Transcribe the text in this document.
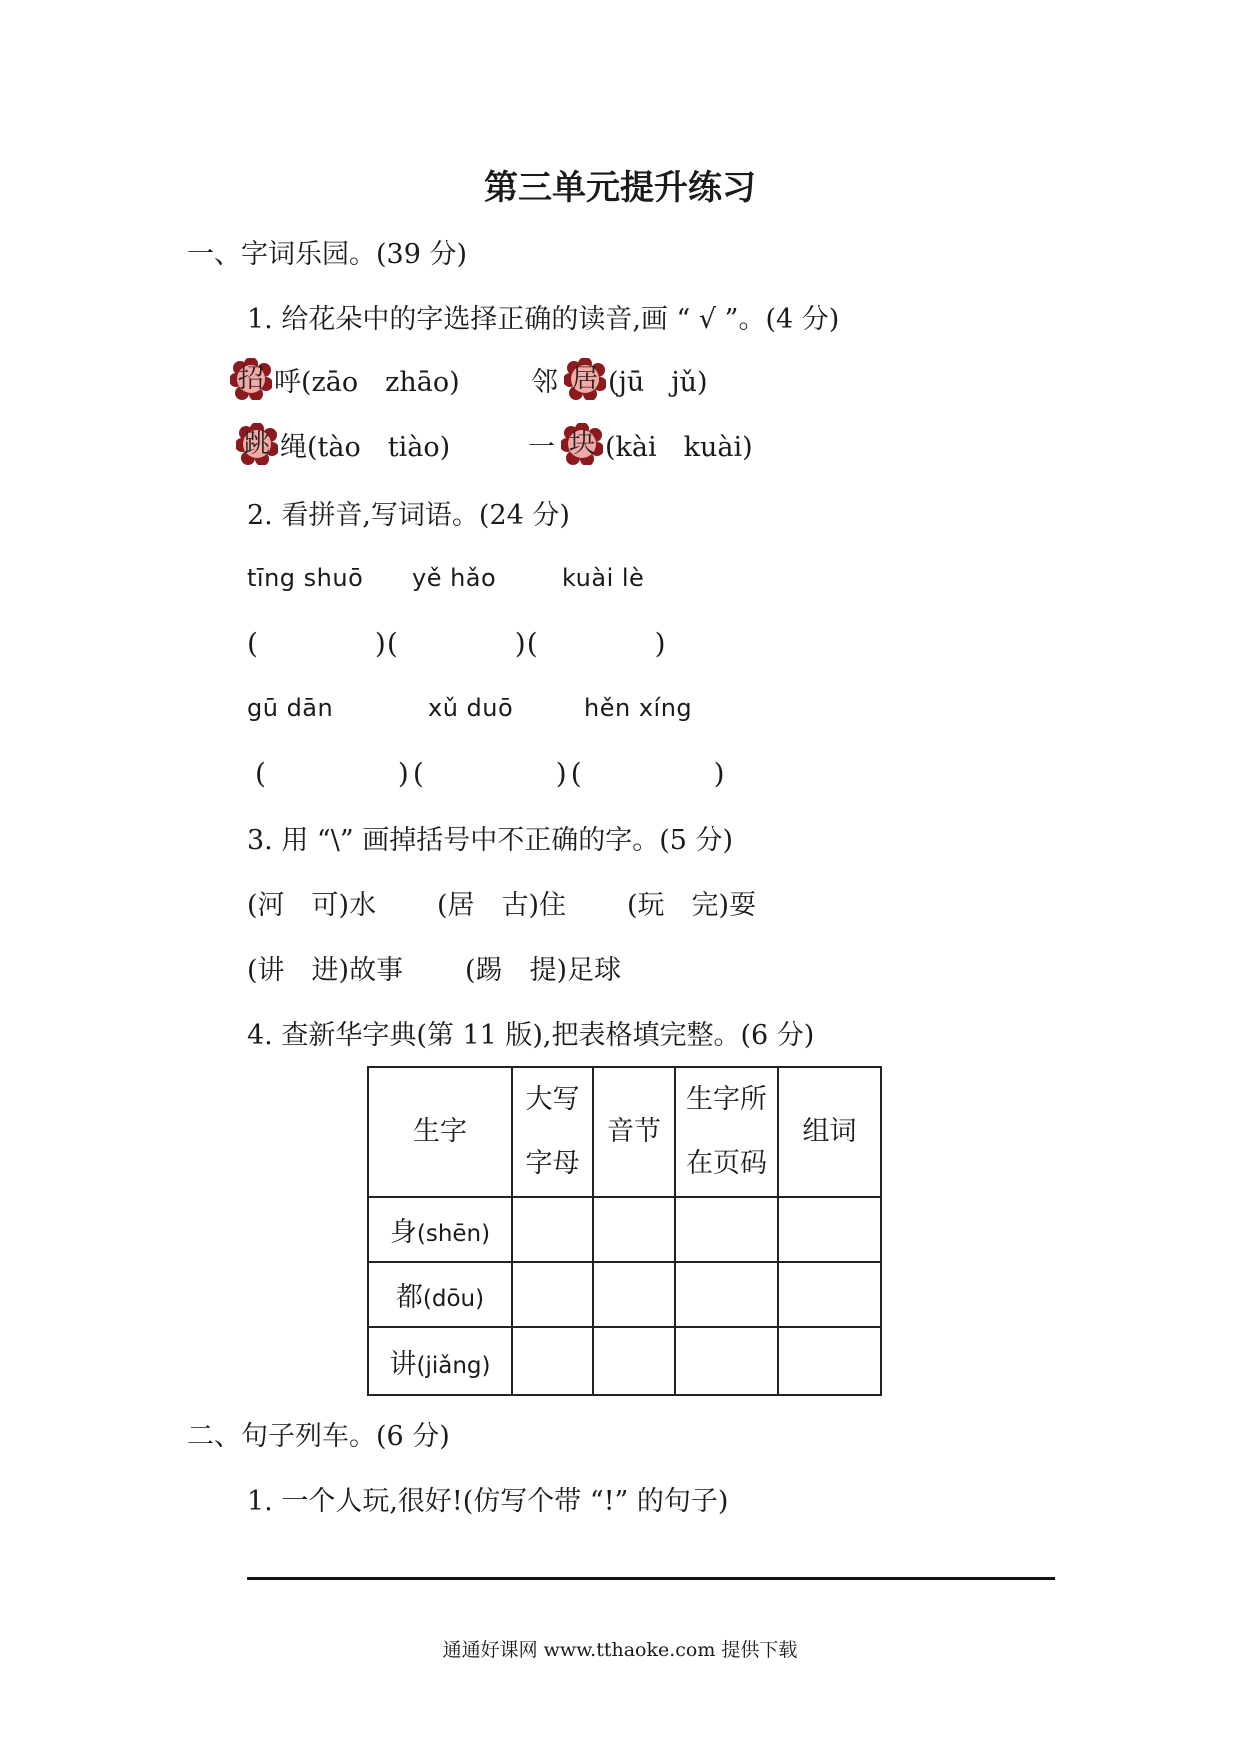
第三单元提升练习
一、字词乐园。(39 分)
1. 给花朵中的字选择正确的读音,画 “ √ ”。(4 分)
招 呼(zāo　zhāo)	邻 居 (jū　jǔ)
跳 绳(tào　tiào)	一 块 (kài　kuài)
2. 看拼音,写词语。(24 分)
tīng shuō yě hǎo	kuài lè
(　　　　)(　　　　)(　　　　)
gū dān	xǔ duō	hěn xíng
(　　　　)(　　　　)(　　　　)
3. 用 “\” 画掉括号中不正确的字。(5 分)
(河　可)水 (居　古)住 (玩　完)耍
(讲　进)故事 (踢　提)足球
4. 查新华字典(第 11 版),把表格填完整。(6 分)
生字	大写字母	音节	生字所在页码	组词
身(shēn)				
都(dōu)				
讲(jiǎng)				
二、句子列车。(6 分)
1. 一个人玩,很好!(仿写个带 “!” 的句子)
通通好课网 www.tthaoke.com 提供下载
